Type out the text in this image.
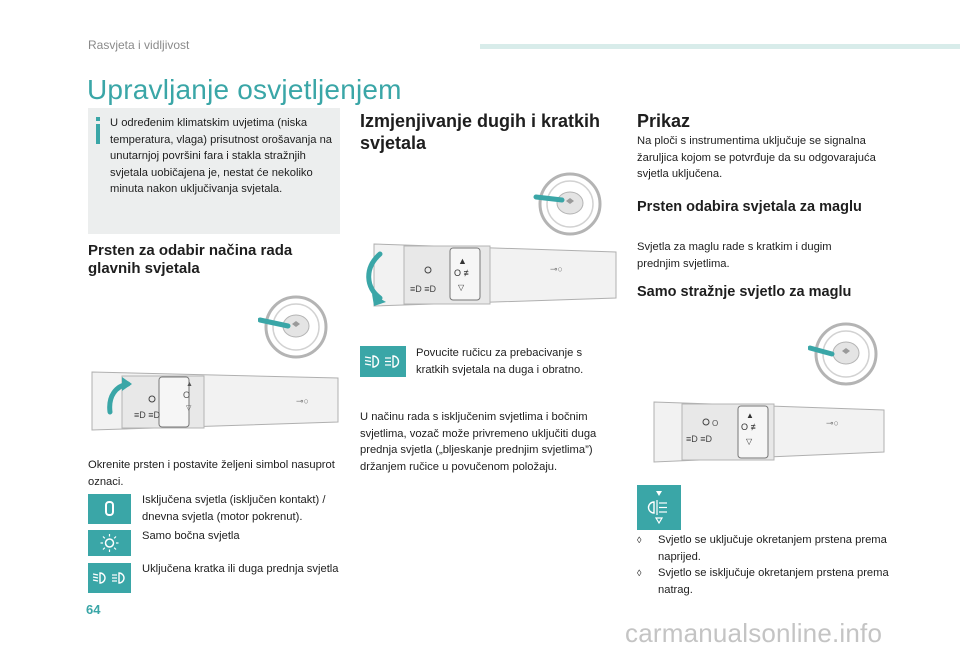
Rasvjeta i vidljivost
Upravljanje osvjetljenjem
U određenim klimatskim uvjetima (niska temperatura, vlaga) prisutnost orošavanja na unutarnjoj površini fara i stakla stražnjih svjetala uobičajena je, nestat će nekoliko minuta nakon uključivanja svjetala.
Prsten za odabir načina rada glavnih svjetala
≡D ≡D
▲
O
▽
⊸○
Okrenite prsten i postavite željeni simbol nasuprot oznaci.
Isključena svjetla (isključen kontakt) / dnevna svjetla (motor pokrenut).
Samo bočna svjetla
Uključena kratka ili duga prednja svjetla
Izmjenjivanje dugih i kratkih svjetala
≡D ≡D
▲
O ≢
▽
⊸○
Povucite ručicu za prebacivanje s kratkih svjetala na duga i obratno.
U načinu rada s isključenim svjetlima i bočnim svjetlima, vozač može privremeno uključiti duga prednja svjetla („bljeskanje prednjim svjetlima”) držanjem ručice u povučenom položaju.
Prikaz
Na ploči s instrumentima uključuje se signalna žaruljica kojom se potvrđuje da su odgovarajuća svjetla uključena.
Prsten odabira svjetala za maglu
Svjetla za maglu rade s kratkim i dugim prednjim svjetlima.
Samo stražnje svjetlo za maglu
≡D ≡D
O
▲
O ≢
▽
⊸○
◊	Svjetlo se uključuje okretanjem prstena prema naprijed.
◊	Svjetlo se isključuje okretanjem prstena prema natrag.
64
carmanualsonline.info
